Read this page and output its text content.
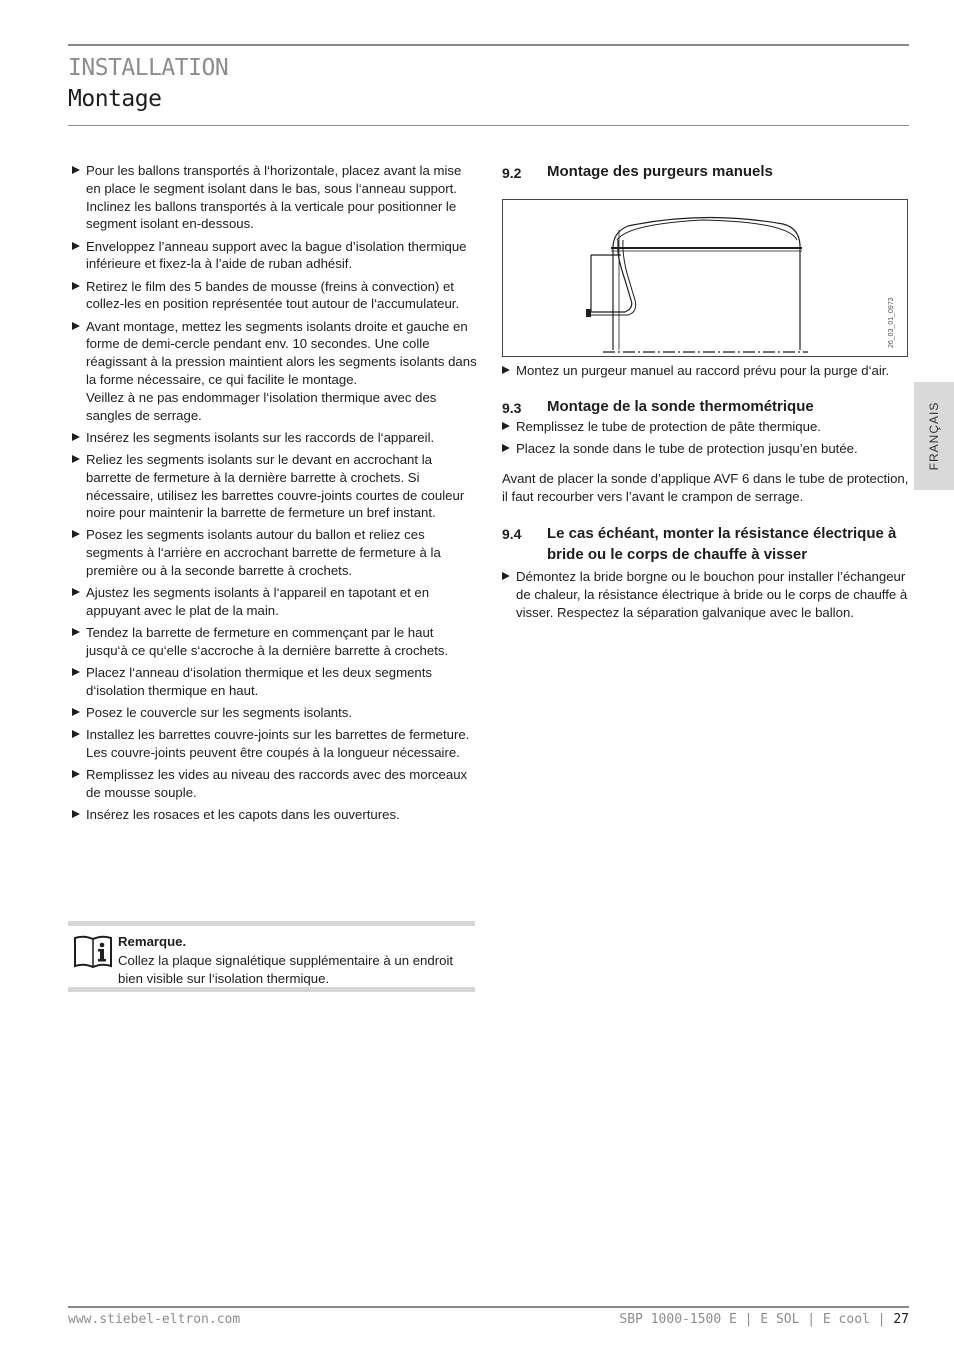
INSTALLATION
Montage
Pour les ballons transportés à l‘horizontale, placez avant la mise en place le segment isolant dans le bas, sous l‘anneau support. Inclinez les ballons transportés à la verticale pour positionner le segment isolant en-dessous.
Enveloppez l’anneau support avec la bague d’isolation thermique inférieure et fixez-la à l’aide de ruban adhésif.
Retirez le film des 5 bandes de mousse (freins à convection) et collez-les en position représentée tout autour de l‘accumulateur.
Avant montage, mettez les segments isolants droite et gauche en forme de demi-cercle pendant env. 10 secondes. Une colle réagissant à la pression maintient alors les segments isolants dans la forme nécessaire, ce qui facilite le montage.
Veillez à ne pas endommager l‘isolation thermique avec des sangles de serrage.
Insérez les segments isolants sur les raccords de l‘appareil.
Reliez les segments isolants sur le devant en accrochant la barrette de fermeture à la dernière barrette à crochets. Si nécessaire, utilisez les barrettes couvre-joints courtes de couleur noire pour maintenir la barrette de fermeture un bref instant.
Posez les segments isolants autour du ballon et reliez ces segments à l‘arrière en accrochant barrette de fermeture à la première ou à la seconde barrette à crochets.
Ajustez les segments isolants à l‘appareil en tapotant et en appuyant avec le plat de la main.
Tendez la barrette de fermeture en commençant par le haut jusqu‘à ce qu‘elle s‘accroche à la dernière barrette à crochets.
Placez l‘anneau d‘isolation thermique et les deux segments d‘isolation thermique en haut.
Posez le couvercle sur les segments isolants.
Installez les barrettes couvre-joints sur les barrettes de fermeture. Les couvre-joints peuvent être coupés à la longueur nécessaire.
Remplissez les vides au niveau des raccords avec des morceaux de mousse souple.
Insérez les rosaces et les capots dans les ouvertures.
Remarque.
Collez la plaque signalétique supplémentaire à un endroit bien visible sur l‘isolation thermique.
9.2 Montage des purgeurs manuels
Montez un purgeur manuel au raccord prévu pour la purge d‘air.
9.3 Montage de la sonde thermométrique
Remplissez le tube de protection de pâte thermique.
Placez la sonde dans le tube de protection jusqu’en butée.

Avant de placer la sonde d’applique AVF 6 dans le tube de protection, il faut recourber vers l’avant le crampon de serrage.

9.4 Le cas échéant, monter la résistance électrique à bride ou le corps de chauffe à visser
Démontez la bride borgne ou le bouchon pour installer l’échangeur de chaleur, la résistance électrique à bride ou le corps de chauffe à visser. Respectez la séparation galvanique avec le ballon.
26_03_01_0973
FRANÇAIS
www.stiebel-eltron.com	SBP 1000-1500 E | E SOL | E cool | 27
